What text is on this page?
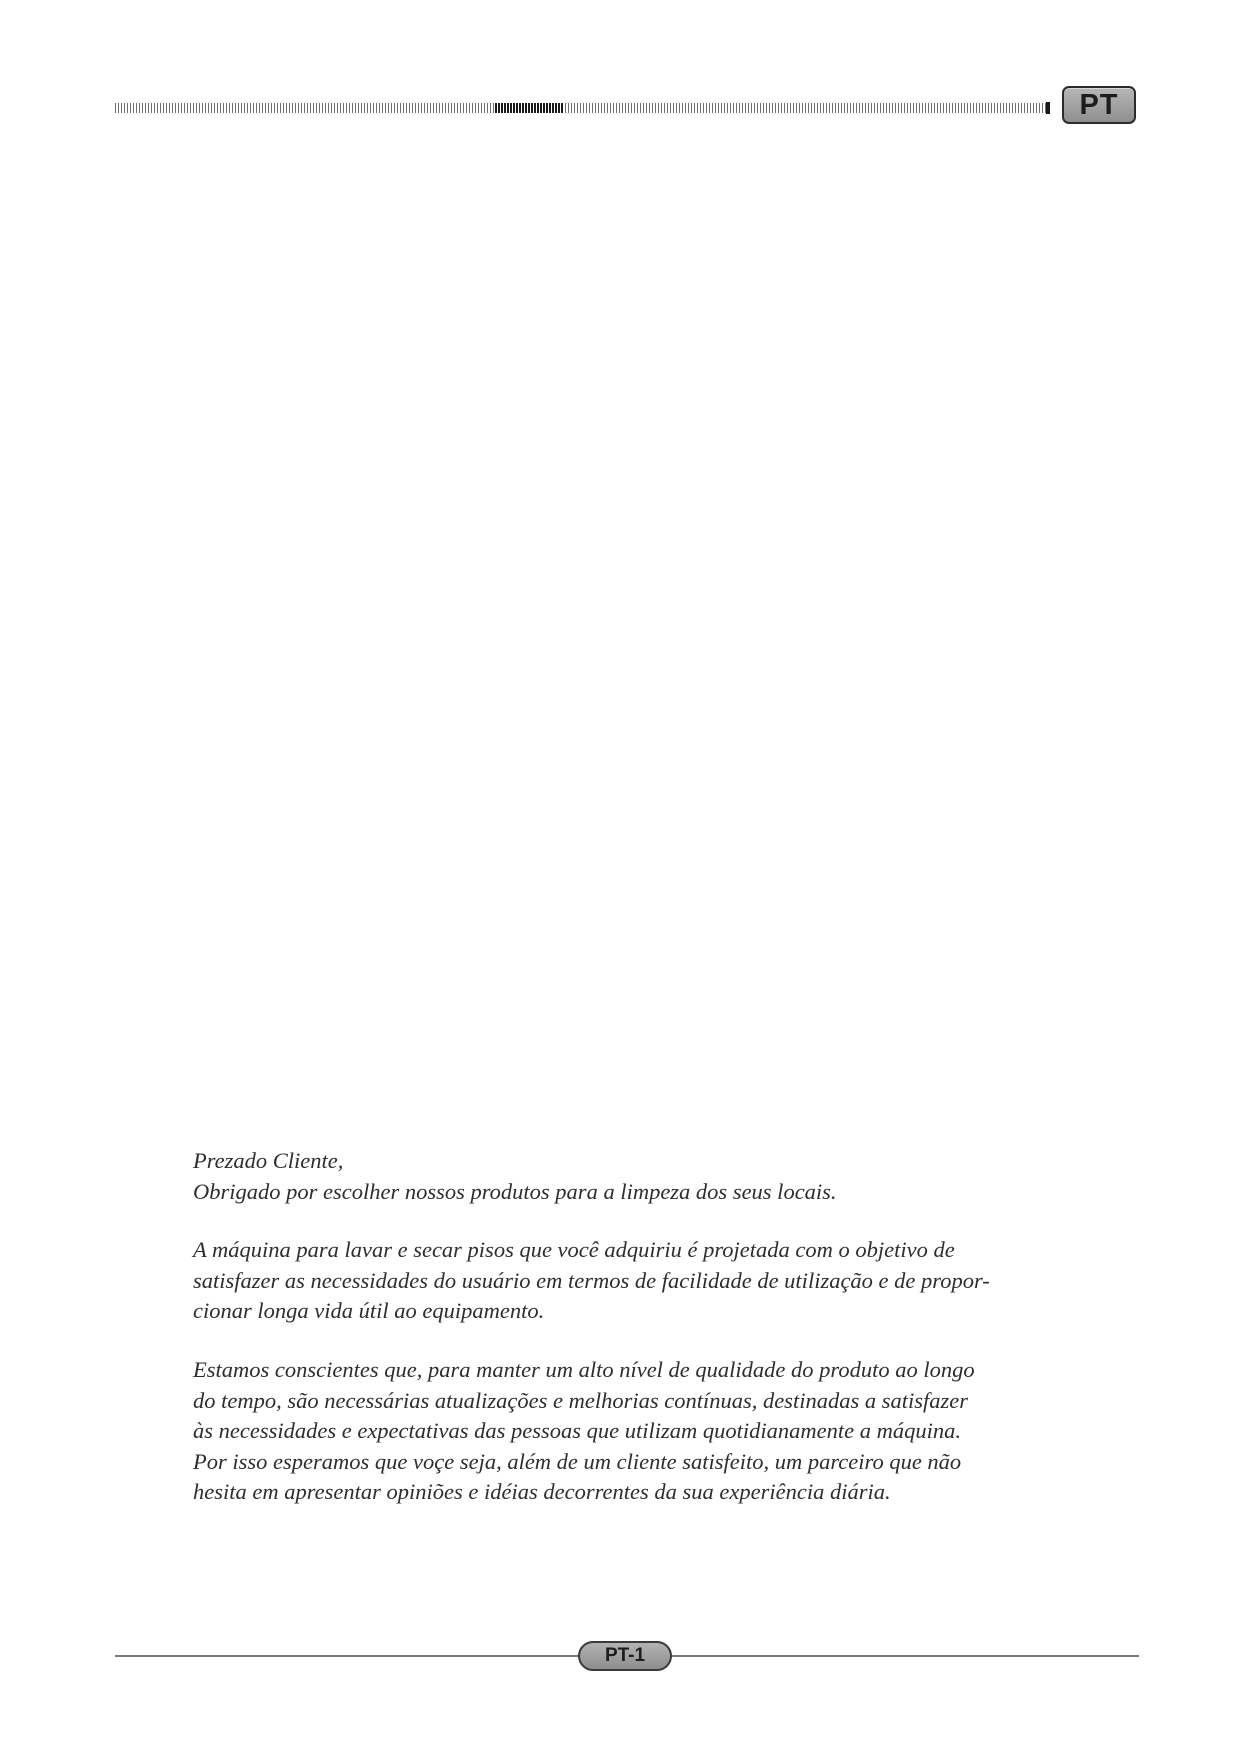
PT

Prezado Cliente,
Obrigado por escolher nossos produtos para a limpeza dos seus locais.

A máquina para lavar e secar pisos que você adquiriu é projetada com o objetivo de
satisfazer as necessidades do usuário em termos de facilidade de utilização e de propor-
cionar longa vida útil ao equipamento.

Estamos conscientes que, para manter um alto nível de qualidade do produto ao longo
do tempo, são necessárias atualizações e melhorias contínuas, destinadas a satisfazer
às necessidades e expectativas das pessoas que utilizam quotidianamente a máquina.
Por isso esperamos que voçe seja, além de um cliente satisfeito, um parceiro que não
hesita em apresentar opiniões e idéias decorrentes da sua experiência diária.

PT-1
